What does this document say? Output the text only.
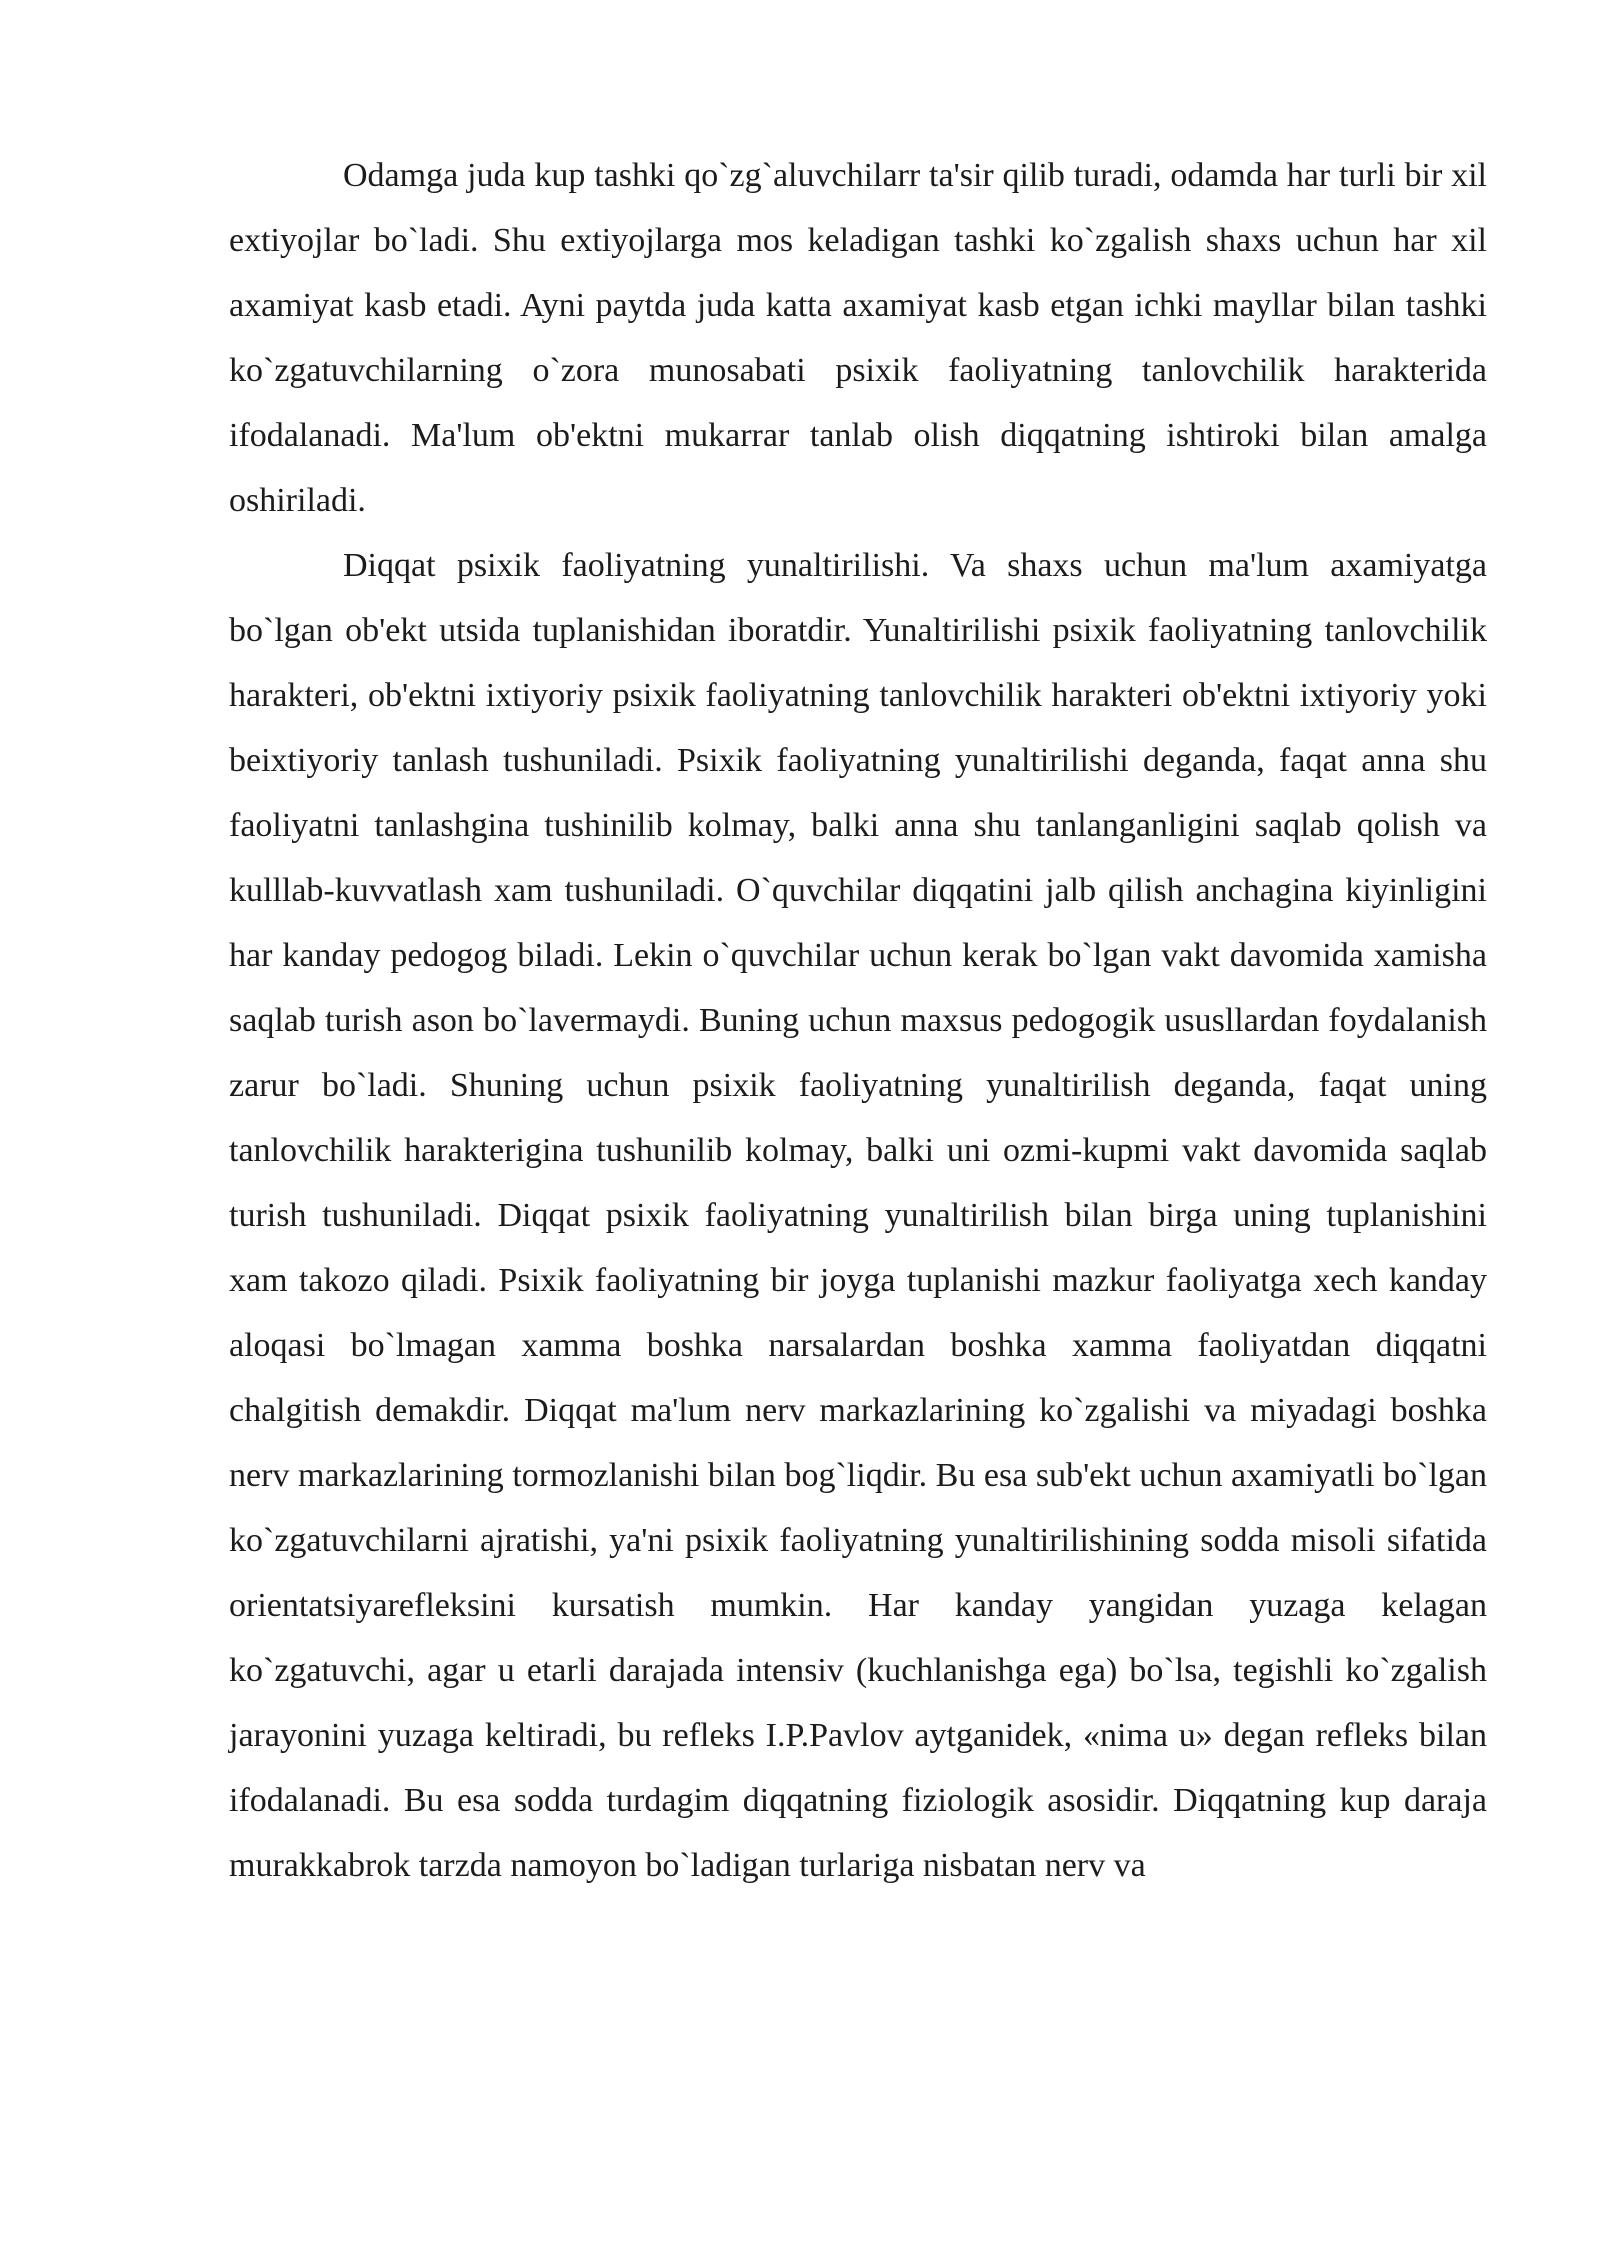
Odamga juda kup tashki qo`zg`aluvchilarr ta'sir qilib turadi, odamda har turli bir xil extiyojlar bo`ladi. Shu extiyojlarga mos keladigan tashki ko`zgalish shaxs uchun har xil axamiyat kasb etadi. Ayni paytda juda katta axamiyat kasb etgan ichki mayllar bilan tashki ko`zgatuvchilarning o`zora munosabati psixik faoliyatning tanlovchilik harakterida ifodalanadi. Ma'lum ob'ektni mukarrar tanlab olish diqqatning ishtiroki bilan amalga oshiriladi.

Diqqat psixik faoliyatning yunaltirilishi. Va shaxs uchun ma'lum axamiyatga bo`lgan ob'ekt utsida tuplanishidan iboratdir. Yunaltirilishi psixik faoliyatning tanlovchilik harakteri, ob'ektni ixtiyoriy psixik faoliyatning tanlovchilik harakteri ob'ektni ixtiyoriy yoki beixtiyoriy tanlash tushuniladi. Psixik faoliyatning yunaltirilishi deganda, faqat anna shu faoliyatni tanlashgina tushinilib kolmay, balki anna shu tanlanganligini saqlab qolish va kulllab-kuvvatlash xam tushuniladi. O`quvchilar diqqatini jalb qilish anchagina kiyinligini har kanday pedogog biladi. Lekin o`quvchilar uchun kerak bo`lgan vakt davomida xamisha saqlab turish ason bo`lavermaydi. Buning uchun maxsus pedogogik ususllardan foydalanish zarur bo`ladi. Shuning uchun psixik faoliyatning yunaltirilish deganda, faqat uning tanlovchilik harakterigina tushunilib kolmay, balki uni ozmi-kupmi vakt davomida saqlab turish tushuniladi. Diqqat psixik faoliyatning yunaltirilish bilan birga uning tuplanishini xam takozo qiladi. Psixik faoliyatning bir joyga tuplanishi mazkur faoliyatga xech kanday aloqasi bo`lmagan xamma boshka narsalardan boshka xamma faoliyatdan diqqatni chalgitish demakdir. Diqqat ma'lum nerv markazlarining ko`zgalishi va miyadagi boshka nerv markazlarining tormozlanishi bilan bog`liqdir. Bu esa sub'ekt uchun axamiyatli bo`lgan ko`zgatuvchilarni ajratishi, ya'ni psixik faoliyatning yunaltirilishining sodda misoli sifatida orientatsiyarefleksini kursatish mumkin. Har kanday yangidan yuzaga kelagan ko`zgatuvchi, agar u etarli darajada intensiv (kuchlanishga ega) bo`lsa, tegishli ko`zgalish jarayonini yuzaga keltiradi, bu refleks I.P.Pavlov aytganidek, «nima u» degan refleks bilan ifodalanadi. Bu esa sodda turdagim diqqatning fiziologik asosidir. Diqqatning kup daraja murakkabrok tarzda namoyon bo`ladigan turlariga nisbatan nerv va
